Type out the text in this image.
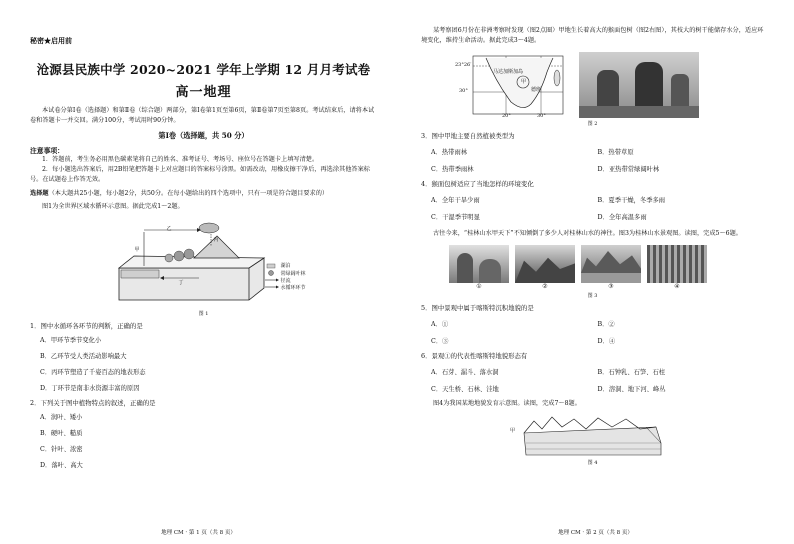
秘密★启用前
沧源县民族中学 2020~2021 学年上学期 12 月月考试卷
高一地理
本试卷分第Ⅰ卷（选择题）和第Ⅱ卷（综合题）两部分，第Ⅰ卷第1页至第6页，第Ⅱ卷第7页至第8页。考试结束后，请将本试卷和答题卡一并交回。满分100分，考试用时90分钟。
第Ⅰ卷（选择题，共 50 分）
注意事项：
1．答题前，考生务必用黑色碳素笔将自己的姓名、准考证号、考场号、座位号在答题卡上填写清楚。
2．每小题选出答案后，用2B铅笔把答题卡上对应题目的答案标号涂黑。如需改动，用橡皮擦干净后，再选涂其他答案标号。在试题卷上作答无效。
选择题（本大题共25小题，每小题2分，共50分。在每小题给出的四个选项中，只有一项是符合题目要求的）
图1为全世界区域水循环示意图。据此完成1～2题。
乙
甲
丙
丁
湖泊
常绿阔叶林
径流
水循环环节
图 1
1．图中水循环各环节的判断，正确的是
A．甲环节季节变化小
B．乙环节受人类活动影响最大
C．丙环节塑造了千姿百态的地表形态
D．丁环节是南非水资源丰富的原因
2．下列关于图中植物特点的叙述，正确的是
A．润叶、矮小
B．硬叶、糙质
C．针叶、浓密
D．落叶、高大
地理 CM · 第 1 页（共 8 页）
某考察团6月份在非洲考察时发现（图2点圈）甲地生长着高大的猴面包树（图2右图），其枝大的树干能储存水分，适应环境变化，维持生命活动。据此完成3～4题。
23°26′
30°
20°	30°
马达加斯加岛
甲
德班
图 2
3．图中甲地主要自然植被类型为
A．热带雨林	B．热带草原
C．热带季雨林	D．亚热带常绿阔叶林
4．猴面包树适应了当地怎样的环境变化
A．全年干旱少雨	B．夏季干燥，冬季多雨
C．干湿季节明显	D．全年高温多雨
古往今来，“桂林山水甲天下”不知倾倒了多少人对桂林山水的神往。图3为桂林山水景观图。读图，完成5～6题。
①	②	③	④
图 3
5．图中景观中属于喀斯特沉积地貌的是
A．①	B．②
C．③	D．④
6．景观①的代表性喀斯特地貌形态有
A．石芽、漏斗、落水洞	B．石钟乳、石笋、石柱
C．天生桥、石林、洼地	D．溶洞、地下河、峰丛
图4为我国某地地貌发育示意图。读图，完成7～8题。
甲
图 4
地理 CM · 第 2 页（共 8 页）
